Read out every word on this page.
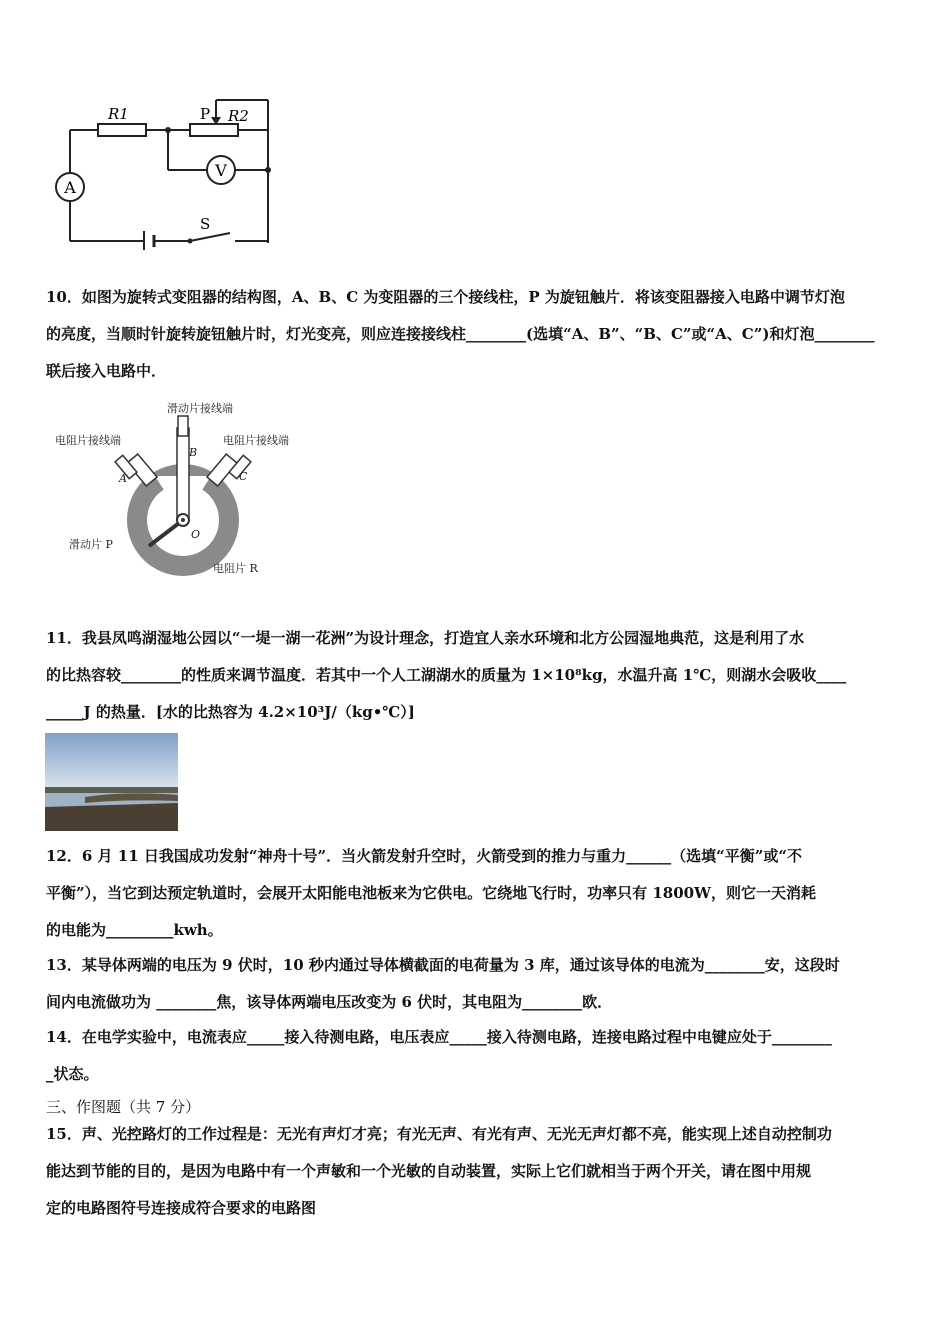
A
V
R1	P R2
S
10．如图为旋转式变阻器的结构图，A、B、C 为变阻器的三个接线柱，P 为旋钮触片．将该变阻器接入电路中调节灯泡
的亮度，当顺时针旋转旋钮触片时，灯光变亮，则应连接接线柱________(选填“A、B”、“B、C”或“A、C”)和灯泡________
联后接入电路中．
滑动片接线端
电阻片接线端	电阻片接线端
A
B
C
O
滑动片 P
电阻片 R
11．我县凤鸣湖湿地公园以“一堤一湖一花洲”为设计理念，打造宜人亲水环境和北方公园湿地典范，这是利用了水
的比热容较________的性质来调节温度．若其中一个人工湖湖水的质量为 1×10⁸kg，水温升高 1℃，则湖水会吸收____
_____J 的热量．[水的比热容为 4.2×10³J/（kg•℃）]
12．6 月 11 日我国成功发射“神舟十号”．当火箭发射升空时，火箭受到的推力与重力______（选填“平衡”或“不
平衡”），当它到达预定轨道时，会展开太阳能电池板来为它供电。它绕地飞行时，功率只有 1800W，则它一天消耗
的电能为_________kwh。
13．某导体两端的电压为 9 伏时，10 秒内通过导体横截面的电荷量为 3 库，通过该导体的电流为________安，这段时
间内电流做功为 ________焦，该导体两端电压改变为 6 伏时，其电阻为________欧．
14．在电学实验中，电流表应_____接入待测电路，电压表应_____接入待测电路，连接电路过程中电键应处于________
_状态。
三、作图题（共 7 分）
15．声、光控路灯的工作过程是：无光有声灯才亮；有光无声、有光有声、无光无声灯都不亮，能实现上述自动控制功
能达到节能的目的，是因为电路中有一个声敏和一个光敏的自动装置，实际上它们就相当于两个开关，请在图中用规
定的电路图符号连接成符合要求的电路图
